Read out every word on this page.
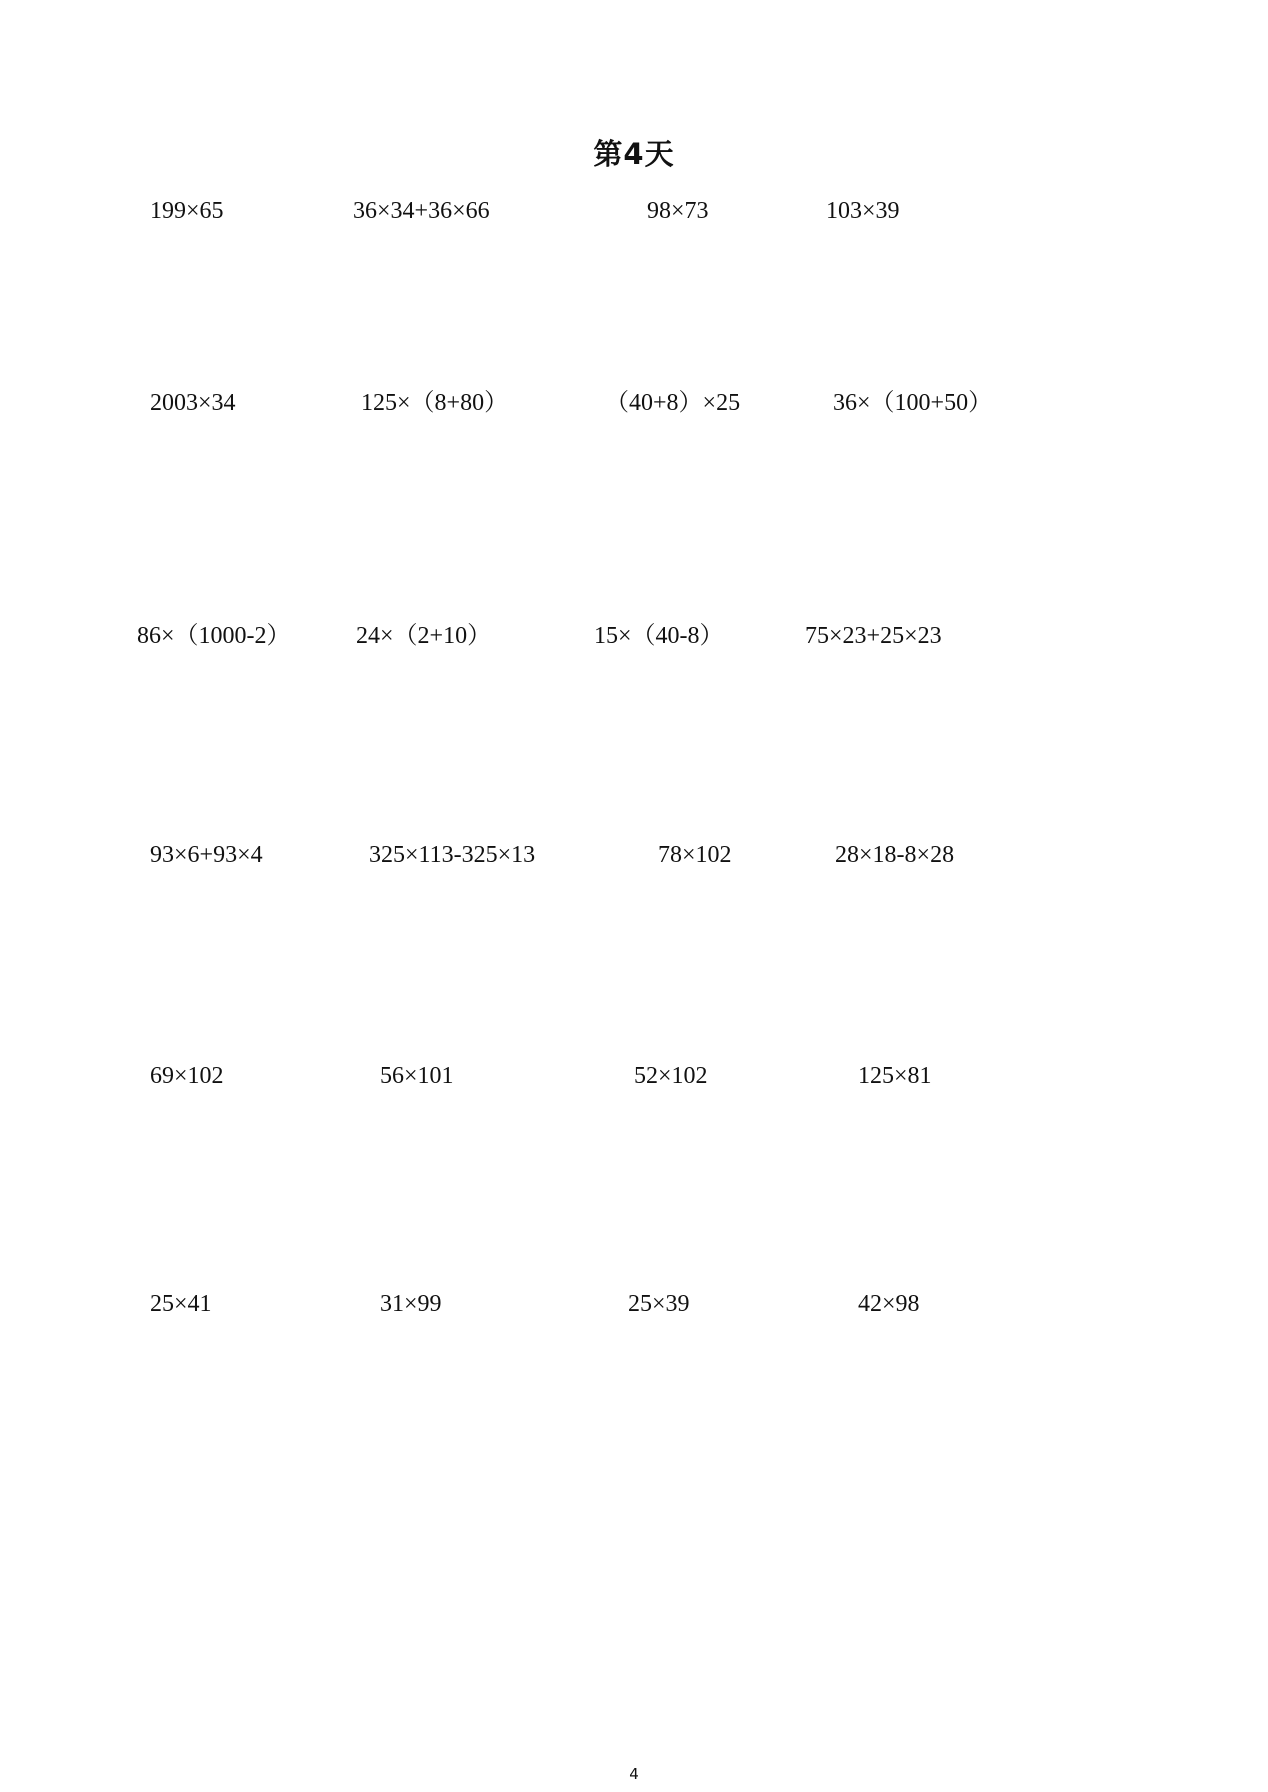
第4天
199×65	36×34+36×66	98×73	103×39
2003×34	125×（8+80）	（40+8）×25	36×（100+50）
86×（1000-2）	24×（2+10）	15×（40-8）	75×23+25×23
93×6+93×4	325×113-325×13	78×102	28×18-8×28
69×102	56×101	52×102	125×81
25×41	31×99	25×39	42×98
4
